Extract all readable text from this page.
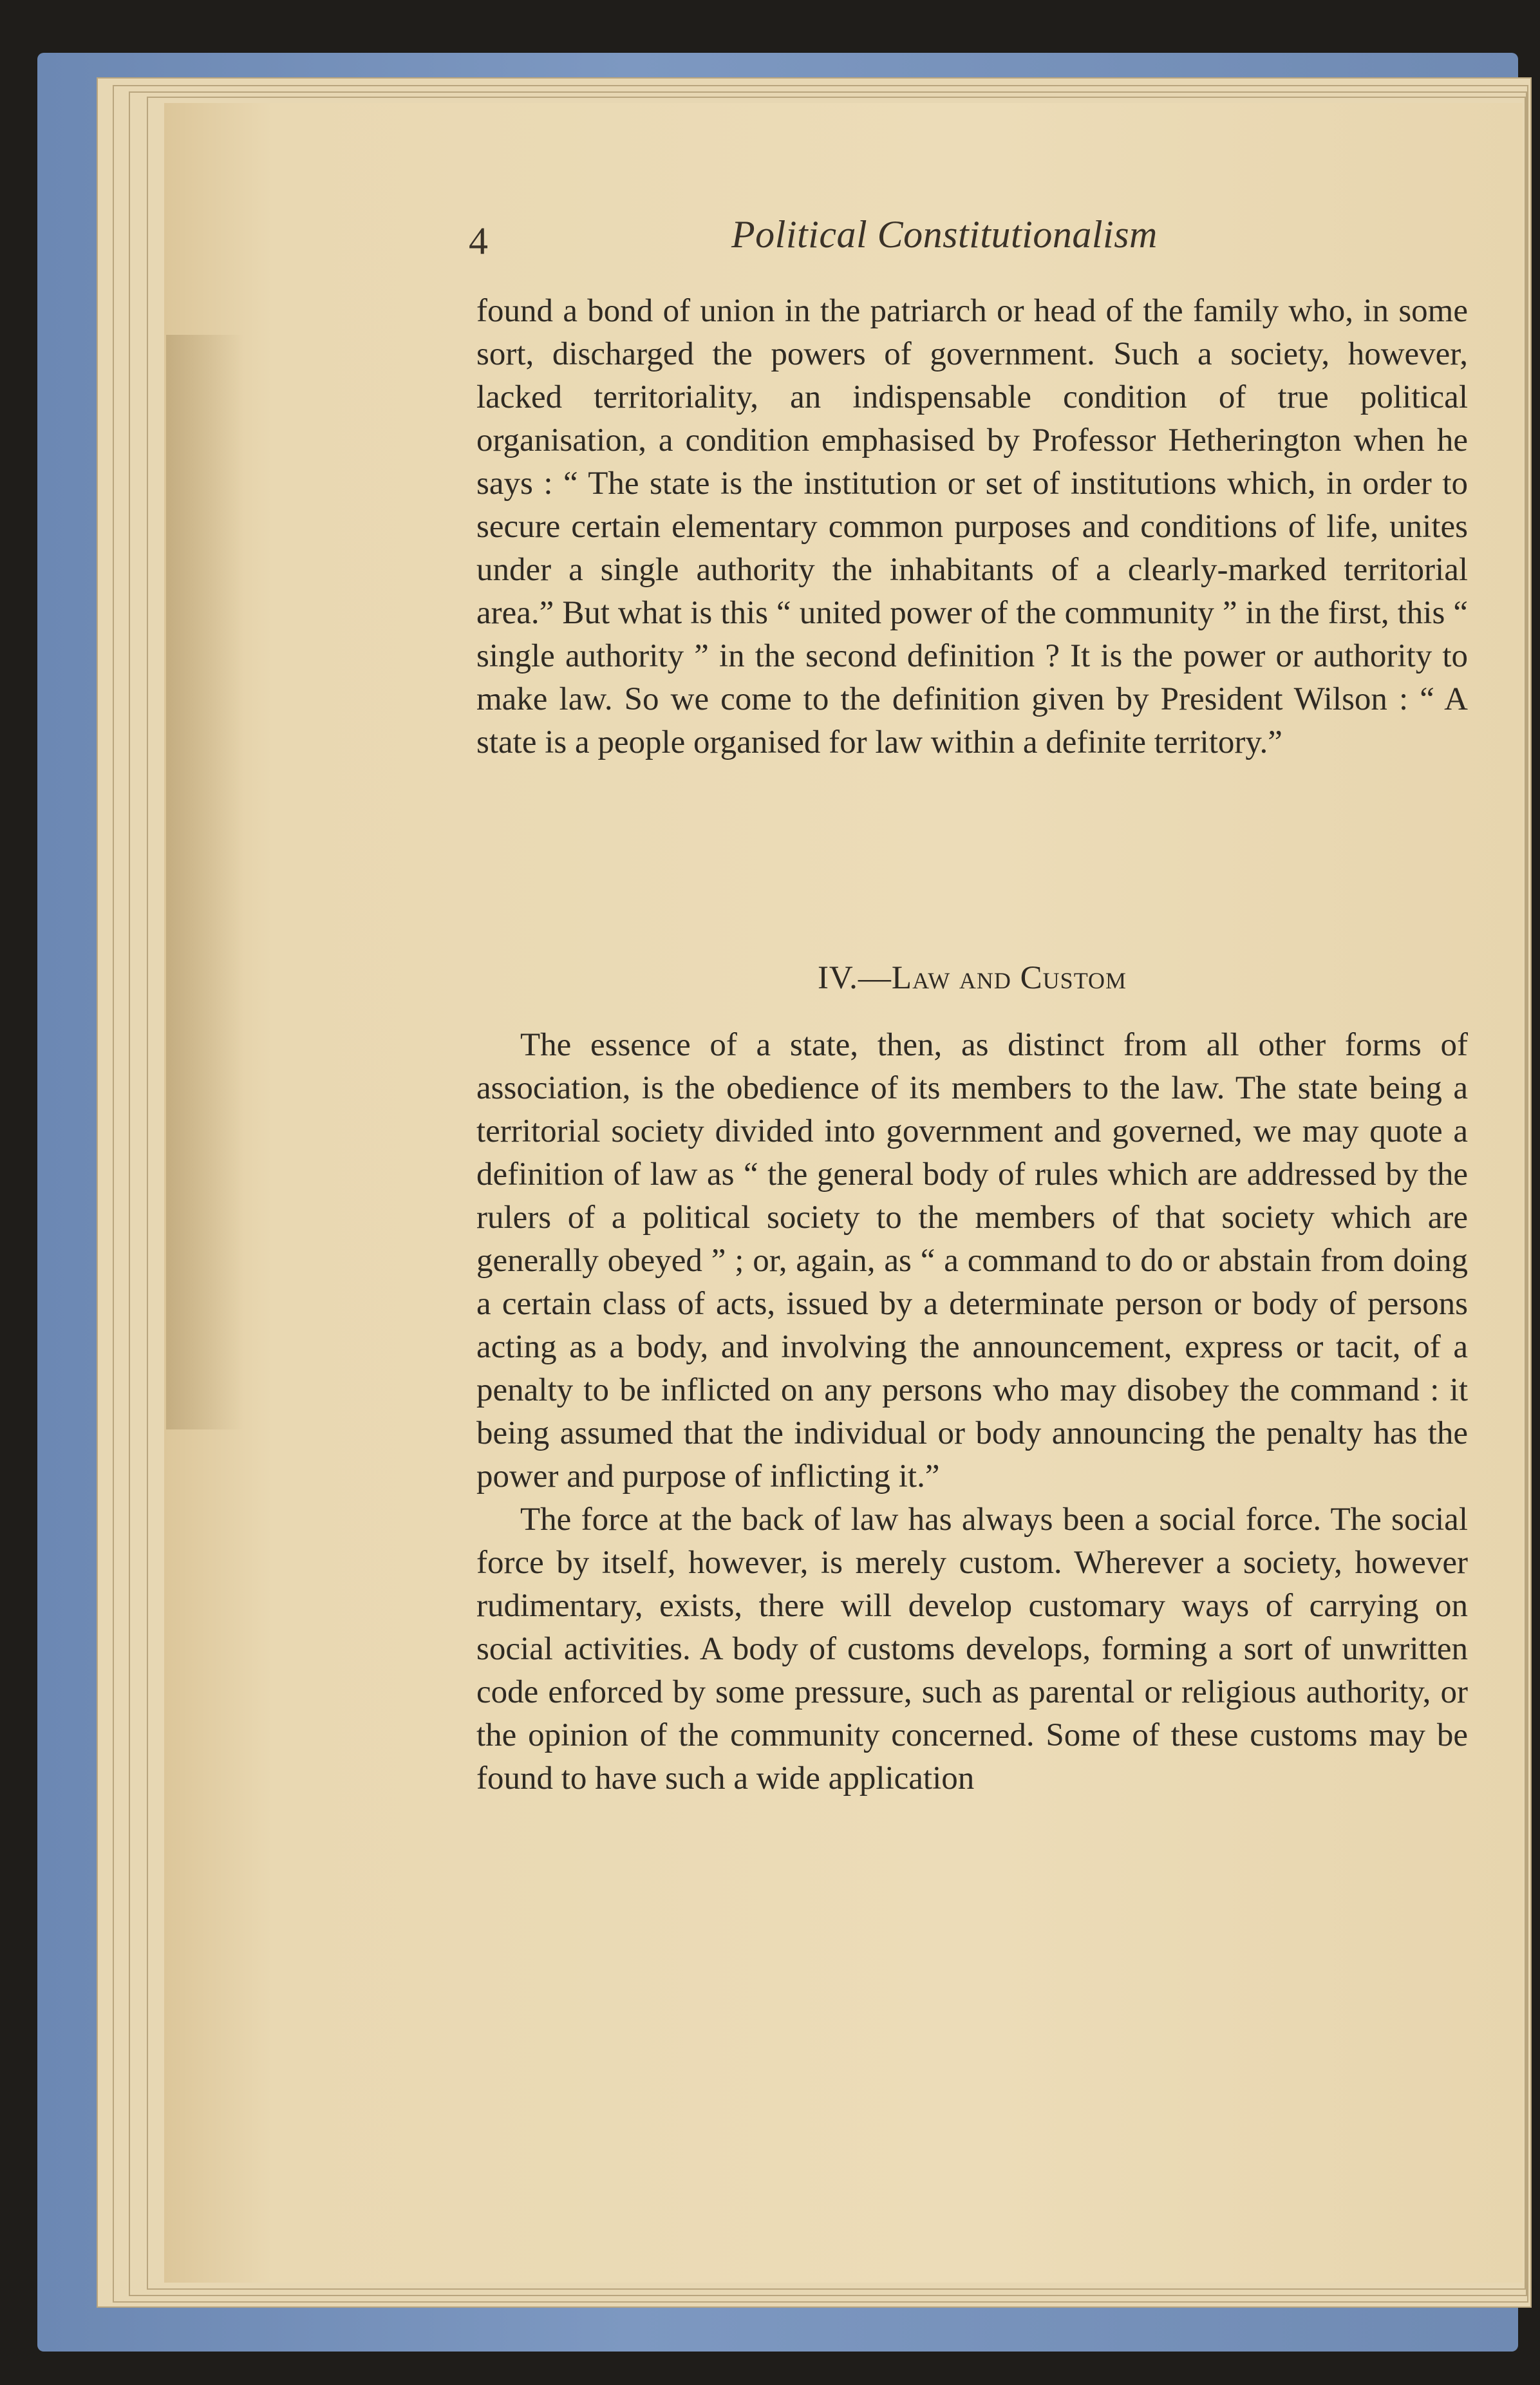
4	Political Constitutionalism

found a bond of union in the patriarch or head of the family who, in some sort, discharged the powers of government. Such a society, however, lacked territoriality, an indispensable condition of true political organisation, a condition emphasised by Professor Hetherington when he says : “ The state is the institution or set of institutions which, in order to secure certain elementary common purposes and conditions of life, unites under a single authority the inhabitants of a clearly-marked territorial area.” But what is this “ united power of the community ” in the first, this “ single authority ” in the second definition ? It is the power or authority to make law. So we come to the definition given by President Wilson : “ A state is a people organised for law within a definite territory.”

IV.—Law and Custom

The essence of a state, then, as distinct from all other forms of association, is the obedience of its members to the law. The state being a territorial society divided into government and governed, we may quote a definition of law as “ the general body of rules which are addressed by the rulers of a political society to the members of that society which are generally obeyed ” ; or, again, as “ a command to do or abstain from doing a certain class of acts, issued by a determinate person or body of persons acting as a body, and involving the announcement, express or tacit, of a penalty to be inflicted on any persons who may disobey the command : it being assumed that the individual or body announcing the penalty has the power and purpose of inflicting it.”

The force at the back of law has always been a social force. The social force by itself, however, is merely custom. Wherever a society, however rudimentary, exists, there will develop customary ways of carrying on social activities. A body of customs develops, forming a sort of unwritten code enforced by some pressure, such as parental or religious authority, or the opinion of the community concerned. Some of these customs may be found to have such a wide application
